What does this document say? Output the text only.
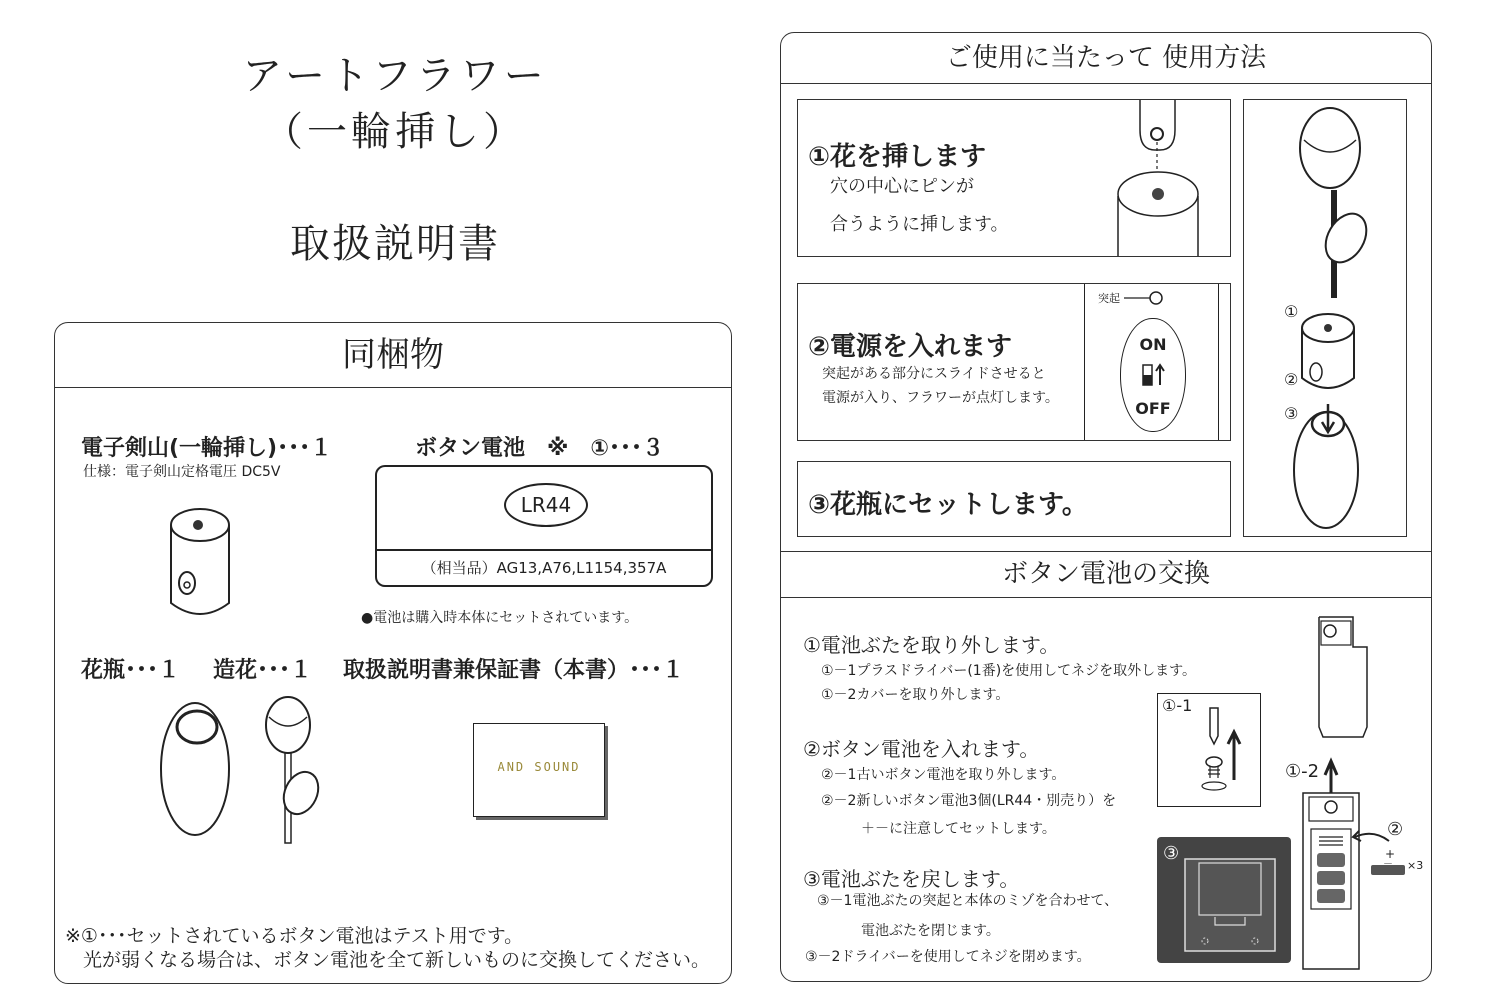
アートフラワー
（一輪挿し）
取扱説明書
同梱物
電子剣山(一輪挿し)･･･１
仕様：電子剣山定格電圧 DC5V
ボタン電池　※　①･･･３
LR44
（相当品）AG13,A76,L1154,357A
●電池は購入時本体にセットされています。
花瓶･･･１ 造花･･･１ 取扱説明書兼保証書（本書）･･･１
AND SOUND
※①･･･セットされているボタン電池はテスト用です。
光が弱くなる場合は、ボタン電池を全て新しいものに交換してください。
ご使用に当たって 使用方法
①花を挿します
穴の中心にピンが
合うように挿します。
②電源を入れます
突起がある部分にスライドさせると
電源が入り、フラワーが点灯します。
突起
ON
OFF
③花瓶にセットします。
①
②
③
ボタン電池の交換
①電池ぶたを取り外します。
①－1プラスドライバー(1番)を使用してネジを取外します。
①－2カバーを取り外します。
②ボタン電池を入れます。
②－1古いボタン電池を取り外します。
②－2新しいボタン電池3個(LR44・別売り）を
＋－に注意してセットします。
③電池ぶたを戻します。
③－1電池ぶたの突起と本体のミゾを合わせて、
電池ぶたを閉じます。
③－2ドライバーを使用してネジを閉めます。
①-1
①-2
③
②
+
×3
